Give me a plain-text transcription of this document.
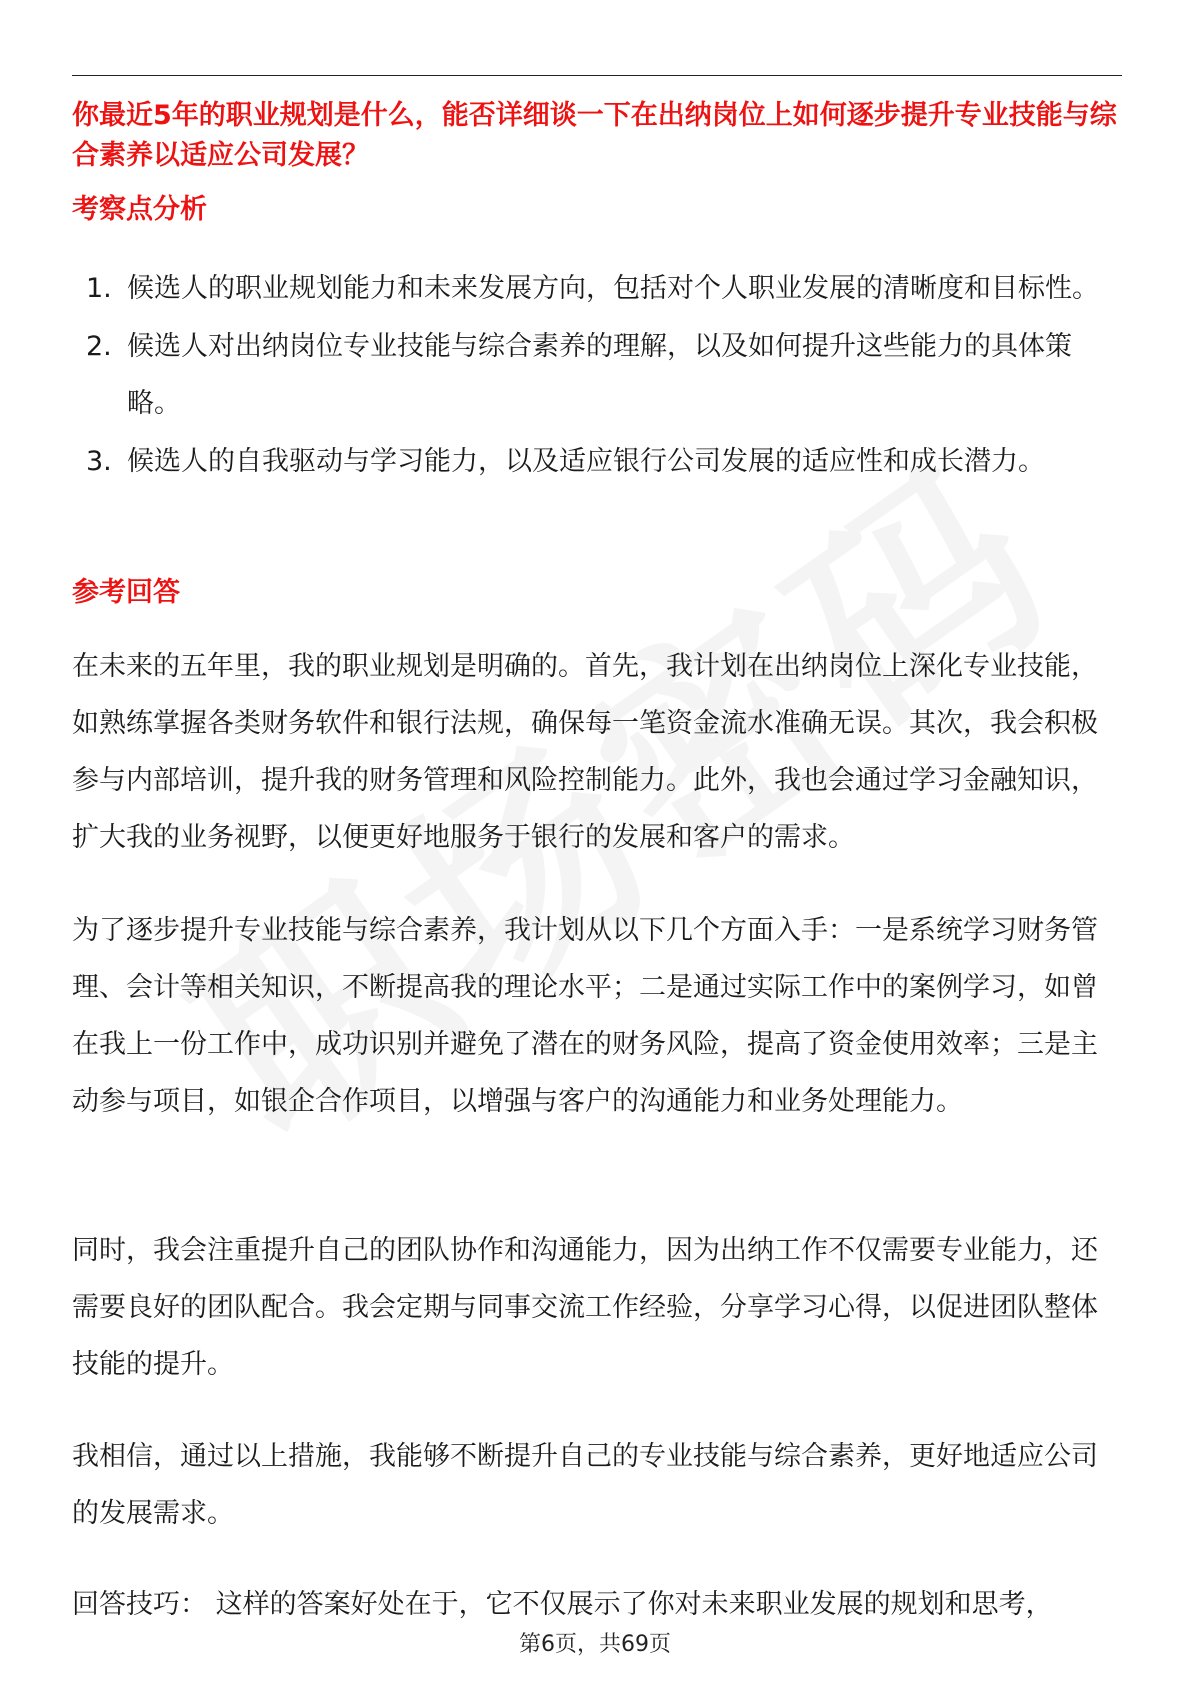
你最近5年的职业规划是什么，能否详细谈一下在出纳岗位上如何逐步提升专业技能与综合素养以适应公司发展？
考察点分析
1. 候选人的职业规划能力和未来发展方向，包括对个人职业发展的清晰度和目标性。
2. 候选人对出纳岗位专业技能与综合素养的理解，以及如何提升这些能力的具体策略。
3. 候选人的自我驱动与学习能力，以及适应银行公司发展的适应性和成长潜力。
参考回答
在未来的五年里，我的职业规划是明确的。首先，我计划在出纳岗位上深化专业技能，如熟练掌握各类财务软件和银行法规，确保每一笔资金流水准确无误。其次，我会积极参与内部培训，提升我的财务管理和风险控制能力。此外，我也会通过学习金融知识，扩大我的业务视野，以便更好地服务于银行的发展和客户的需求。
为了逐步提升专业技能与综合素养，我计划从以下几个方面入手：一是系统学习财务管理、会计等相关知识，不断提高我的理论水平；二是通过实际工作中的案例学习，如曾在我上一份工作中，成功识别并避免了潜在的财务风险，提高了资金使用效率；三是主动参与项目，如银企合作项目，以增强与客户的沟通能力和业务处理能力。
同时，我会注重提升自己的团队协作和沟通能力，因为出纳工作不仅需要专业能力，还需要良好的团队配合。我会定期与同事交流工作经验，分享学习心得，以促进团队整体技能的提升。
我相信，通过以上措施，我能够不断提升自己的专业技能与综合素养，更好地适应公司的发展需求。
回答技巧： 这样的答案好处在于，它不仅展示了你对未来职业发展的规划和思考，
第6页，共69页
